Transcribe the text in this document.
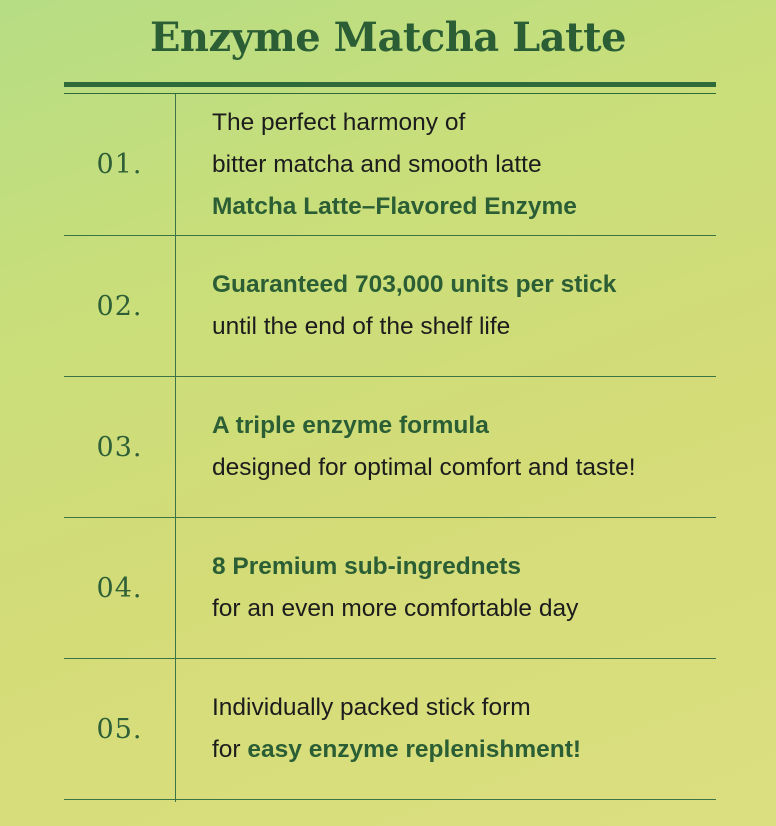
Enzyme Matcha Latte
01.
The perfect harmony of
bitter matcha and smooth latte
Matcha Latte–Flavored Enzyme
02.
Guaranteed 703,000 units per stick
until the end of the shelf life
03.
A triple enzyme formula
designed for optimal comfort and taste!
04.
8 Premium sub-ingrednets
for an even more comfortable day
05.
Individually packed stick form
for easy enzyme replenishment!
